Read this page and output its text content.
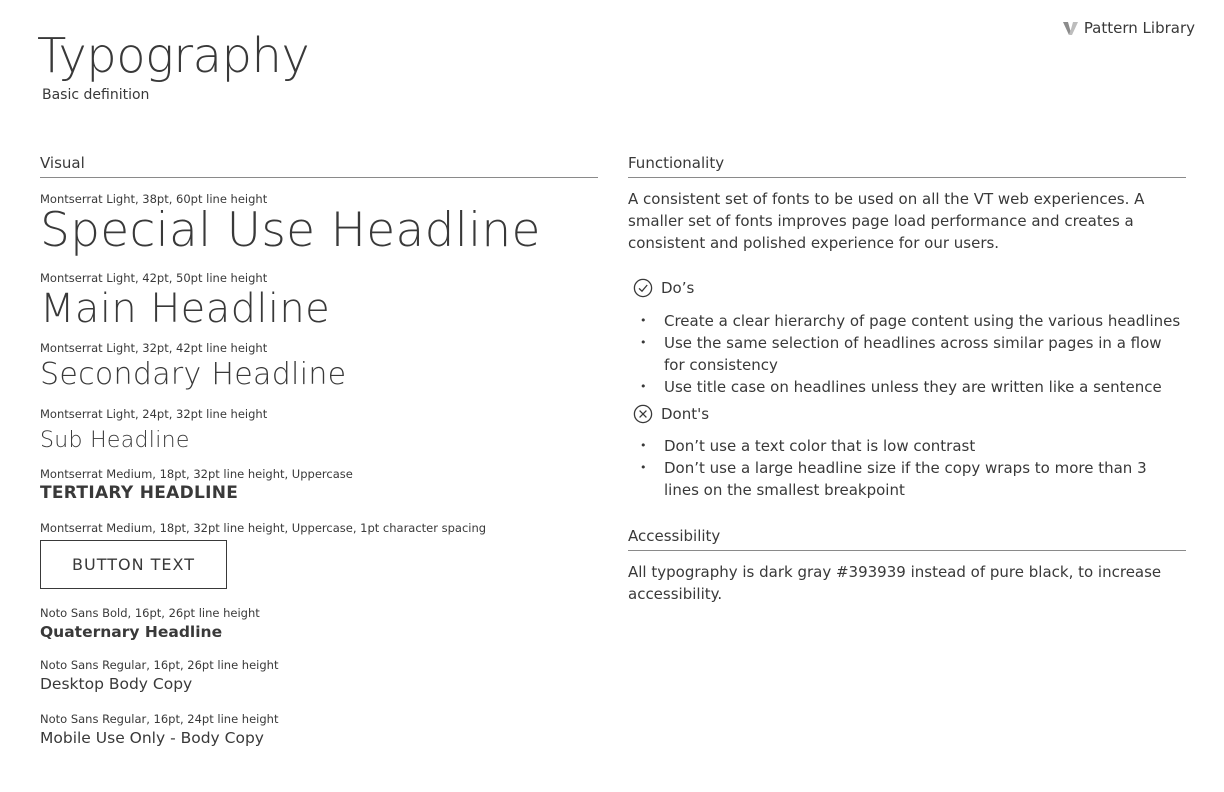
Typography
Basic definition
Pattern Library
Visual
Montserrat Light, 38pt, 60pt line height
Special Use Headline
Montserrat Light, 42pt, 50pt line height
Main Headline
Montserrat Light, 32pt, 42pt line height
Secondary Headline
Montserrat Light, 24pt, 32pt line height
Sub Headline
Montserrat Medium, 18pt, 32pt line height, Uppercase
TERTIARY HEADLINE
Montserrat Medium, 18pt, 32pt line height, Uppercase, 1pt character spacing
BUTTON TEXT
Noto Sans Bold, 16pt, 26pt line height
Quaternary Headline
Noto Sans Regular, 16pt, 26pt line height
Desktop Body Copy
Noto Sans Regular, 16pt, 24pt line height
Mobile Use Only - Body Copy
Functionality
A consistent set of fonts to be used on all the VT web experiences. A smaller set of fonts improves page load performance and creates a consistent and polished experience for our users.
Do’s
• Create a clear hierarchy of page content using the various headlines
• Use the same selection of headlines across similar pages in a flow for consistency
• Use title case on headlines unless they are written like a sentence
Dont's
• Don’t use a text color that is low contrast
• Don’t use a large headline size if the copy wraps to more than 3 lines on the smallest breakpoint
Accessibility
All typography is dark gray #393939 instead of pure black, to increase accessibility.
